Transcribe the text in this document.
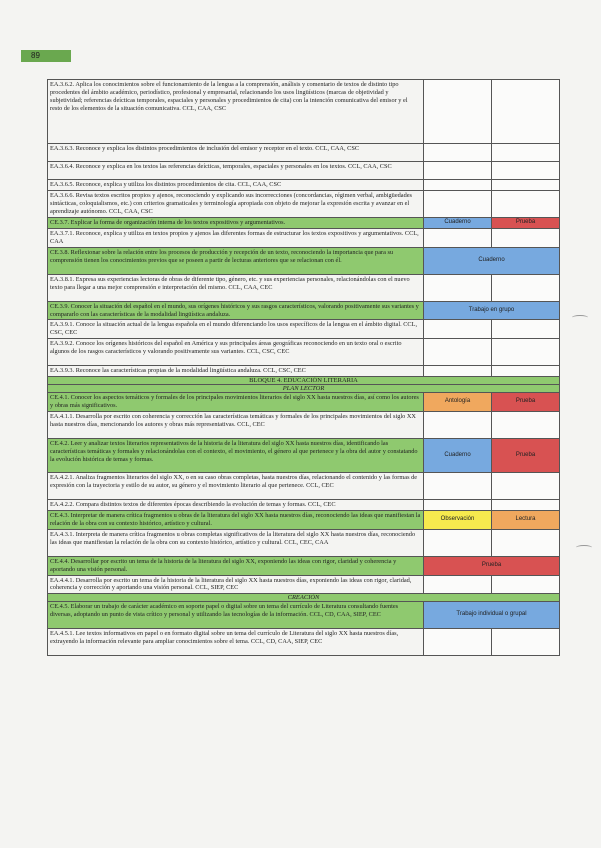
89
EA.3.6.2. Aplica los conocimientos sobre el funcionamiento de la lengua a la comprensión, análisis y comentario de textos de distinto tipo procedentes del ámbito académico, periodístico, profesional y empresarial, relacionando los usos lingüísticos (marcas de objetividad y subjetividad; referencias deícticas temporales, espaciales y personales y procedimientos de cita) con la intención comunicativa del emisor y el resto de los elementos de la situación comunicativa. CCL, CAA, CSC		
EA.3.6.3. Reconoce y explica los distintos procedimientos de inclusión del emisor y receptor en el texto. CCL, CAA, CSC		
EA.3.6.4. Reconoce y explica en los textos las referencias deícticas, temporales, espaciales y personales en los textos. CCL, CAA, CSC		
EA.3.6.5. Reconoce, explica y utiliza los distintos procedimientos de cita. CCL, CAA, CSC		
EA.3.6.6. Revisa textos escritos propios y ajenos, reconociendo y explicando sus incorrecciones (concordancias, régimen verbal, ambigüedades sintácticas, coloquialismos, etc.) con criterios gramaticales y terminología apropiada con objeto de mejorar la expresión escrita y avanzar en el aprendizaje autónomo. CCL, CAA, CSC		
CE.3.7. Explicar la forma de organización interna de los textos expositivos y argumentativos.	Cuaderno	Prueba
EA.3.7.1. Reconoce, explica y utiliza en textos propios y ajenos las diferentes formas de estructurar los textos expositivos y argumentativos. CCL, CAA		
CE.3.8. Reflexionar sobre la relación entre los procesos de producción y recepción de un texto, reconociendo la importancia que para su comprensión tienen los conocimientos previos que se poseen a partir de lecturas anteriores que se relacionan con él.	Cuaderno	
EA.3.8.1. Expresa sus experiencias lectoras de obras de diferente tipo, género, etc. y sus experiencias personales, relacionándolas con el nuevo texto para llegar a una mejor comprensión e interpretación del mismo. CCL, CAA, CEC		
CE.3.9. Conocer la situación del español en el mundo, sus orígenes históricos y sus rasgos característicos, valorando positivamente sus variantes y compararlo con las características de la modalidad lingüística andaluza.	Trabajo en grupo	
EA.3.9.1. Conoce la situación actual de la lengua española en el mundo diferenciando los usos específicos de la lengua en el ámbito digital. CCL, CSC, CEC		
EA.3.9.2. Conoce los orígenes históricos del español en América y sus principales áreas geográficas reconociendo en un texto oral o escrito algunos de los rasgos característicos y valorando positivamente sus variantes. CCL, CSC, CEC		
EA.3.9.3. Reconoce las características propias de la modalidad lingüística andaluza. CCL, CSC, CEC		
BLOQUE 4. EDUCACIÓN LITERARIA		
PLAN LECTOR		
CE.4.1. Conocer los aspectos temáticos y formales de los principales movimientos literarios del siglo XX hasta nuestros días, así como los autores y obras más significativos.	Antología	Prueba
EA.4.1.1. Desarrolla por escrito con coherencia y corrección las características temáticas y formales de los principales movimientos del siglo XX hasta nuestros días, mencionando los autores y obras más representativas. CCL, CEC		
CE.4.2. Leer y analizar textos literarios representativos de la historia de la literatura del siglo XX hasta nuestros días, identificando las características temáticas y formales y relacionándolas con el contexto, el movimiento, el género al que pertenece y la obra del autor y constatando la evolución histórica de temas y formas.	Cuaderno	Prueba
EA.4.2.1. Analiza fragmentos literarios del siglo XX, o en su caso obras completas, hasta nuestros días, relacionando el contenido y las formas de expresión con la trayectoria y estilo de su autor, su género y el movimiento literario al que pertenece. CCL, CEC		
EA.4.2.2. Compara distintos textos de diferentes épocas describiendo la evolución de temas y formas. CCL, CEC		
CE.4.3. Interpretar de manera crítica fragmentos u obras de la literatura del siglo XX hasta nuestros días, reconociendo las ideas que manifiestan la relación de la obra con su contexto histórico, artístico y cultural.	Observación	Lectura
EA.4.3.1. Interpreta de manera crítica fragmentos u obras completas significativos de la literatura del siglo XX hasta nuestros días, reconociendo las ideas que manifiestan la relación de la obra con su contexto histórico, artístico y cultural. CCL, CEC, CAA		
CE.4.4. Desarrollar por escrito un tema de la historia de la literatura del siglo XX, exponiendo las ideas con rigor, claridad y coherencia y aportando una visión personal.	Prueba	
EA.4.4.1. Desarrolla por escrito un tema de la historia de la literatura del siglo XX hasta nuestros días, exponiendo las ideas con rigor, claridad, coherencia y corrección y aportando una visión personal. CCL, SIEP, CEC		
CREACIÓN		
CE.4.5. Elaborar un trabajo de carácter académico en soporte papel o digital sobre un tema del currículo de Literatura consultando fuentes diversas, adoptando un punto de vista crítico y personal y utilizando las tecnologías de la información. CCL, CD, CAA, SIEP, CEC	Trabajo individual o grupal	
EA.4.5.1. Lee textos informativos en papel o en formato digital sobre un tema del currículo de Literatura del siglo XX hasta nuestros días, extrayendo la información relevante para ampliar conocimientos sobre el tema. CCL, CD, CAA, SIEP, CEC		
